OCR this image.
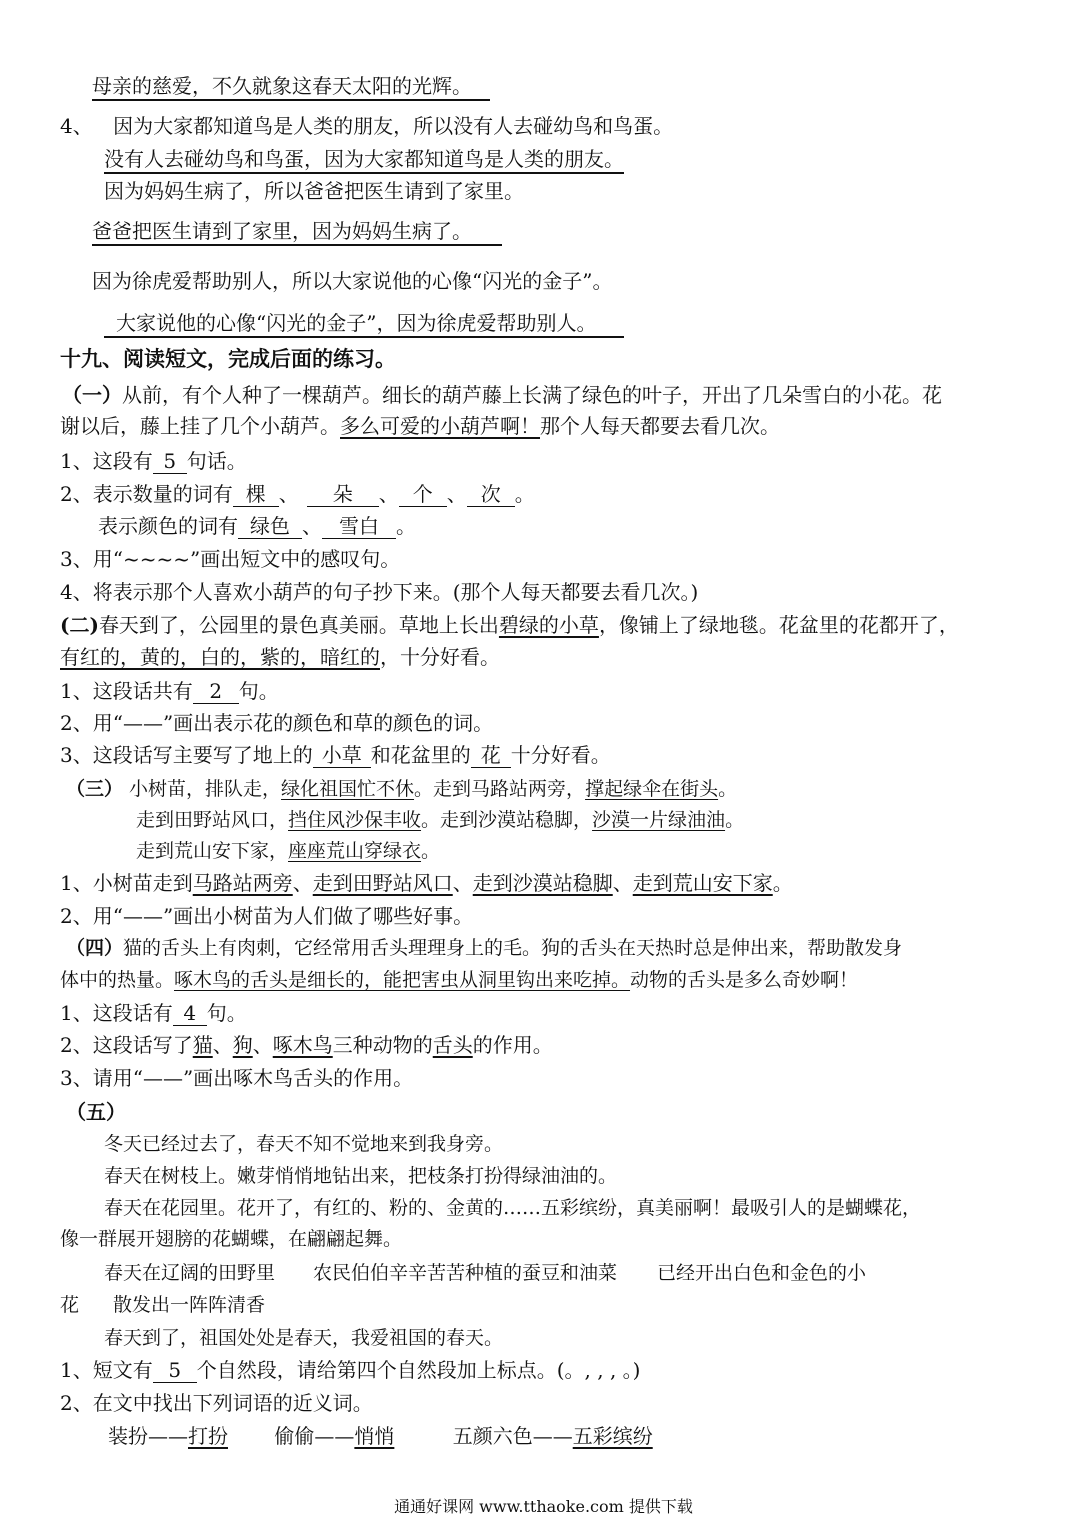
母亲的慈爱，不久就象这春天太阳的光辉。
4、 因为大家都知道鸟是人类的朋友，所以没有人去碰幼鸟和鸟蛋。
没有人去碰幼鸟和鸟蛋，因为大家都知道鸟是人类的朋友。
因为妈妈生病了，所以爸爸把医生请到了家里。
爸爸把医生请到了家里，因为妈妈生病了。
因为徐虎爱帮助别人，所以大家说他的心像“闪光的金子”。
大家说他的心像“闪光的金子”，因为徐虎爱帮助别人。
十九、阅读短文，完成后面的练习。
（一）从前，有个人种了一棵葫芦。细长的葫芦藤上长满了绿色的叶子，开出了几朵雪白的小花。花
谢以后，藤上挂了几个小葫芦。多么可爱的小葫芦啊！那个人每天都要去看几次。
1、这段有 5 句话。
2、表示数量的词有 棵 、 朵 、 个 、 次 。
表示颜色的词有 绿色 、 雪白 。
3、用“~~~~”画出短文中的感叹句。
4、将表示那个人喜欢小葫芦的句子抄下来。(那个人每天都要去看几次。)
(二)春天到了，公园里的景色真美丽。草地上长出碧绿的小草，像铺上了绿地毯。花盆里的花都开了，
有红的，黄的，白的，紫的，暗红的，十分好看。
1、这段话共有 2 句。
2、用“——”画出表示花的颜色和草的颜色的词。
3、这段话写主要写了地上的 小草 和花盆里的 花 十分好看。
（三） 小树苗，排队走，绿化祖国忙不休。走到马路站两旁，撑起绿伞在街头。
走到田野站风口，挡住风沙保丰收。走到沙漠站稳脚，沙漠一片绿油油。
走到荒山安下家，座座荒山穿绿衣。
1、小树苗走到马路站两旁、走到田野站风口、走到沙漠站稳脚、走到荒山安下家。
2、用“——”画出小树苗为人们做了哪些好事。
（四）猫的舌头上有肉刺，它经常用舌头理理身上的毛。狗的舌头在天热时总是伸出来，帮助散发身
体中的热量。啄木鸟的舌头是细长的，能把害虫从洞里钩出来吃掉。动物的舌头是多么奇妙啊！
1、这段话有 4 句。
2、这段话写了猫、狗、啄木鸟三种动物的舌头的作用。
3、请用“——”画出啄木鸟舌头的作用。
（五）
冬天已经过去了，春天不知不觉地来到我身旁。
春天在树枝上。嫩芽悄悄地钻出来，把枝条打扮得绿油油的。
春天在花园里。花开了，有红的、粉的、金黄的……五彩缤纷，真美丽啊！最吸引人的是蝴蝶花，
像一群展开翅膀的花蝴蝶，在翩翩起舞。
春天在辽阔的田野里 农民伯伯辛辛苦苦种植的蚕豆和油菜 已经开出白色和金色的小
花 散发出一阵阵清香
春天到了，祖国处处是春天，我爱祖国的春天。
1、短文有 5 个自然段，请给第四个自然段加上标点。(。, , , 。)
2、在文中找出下列词语的近义词。
装扮——打扮 偷偷——悄悄	五颜六色——五彩缤纷
通通好课网 www.tthaoke.com 提供下载
